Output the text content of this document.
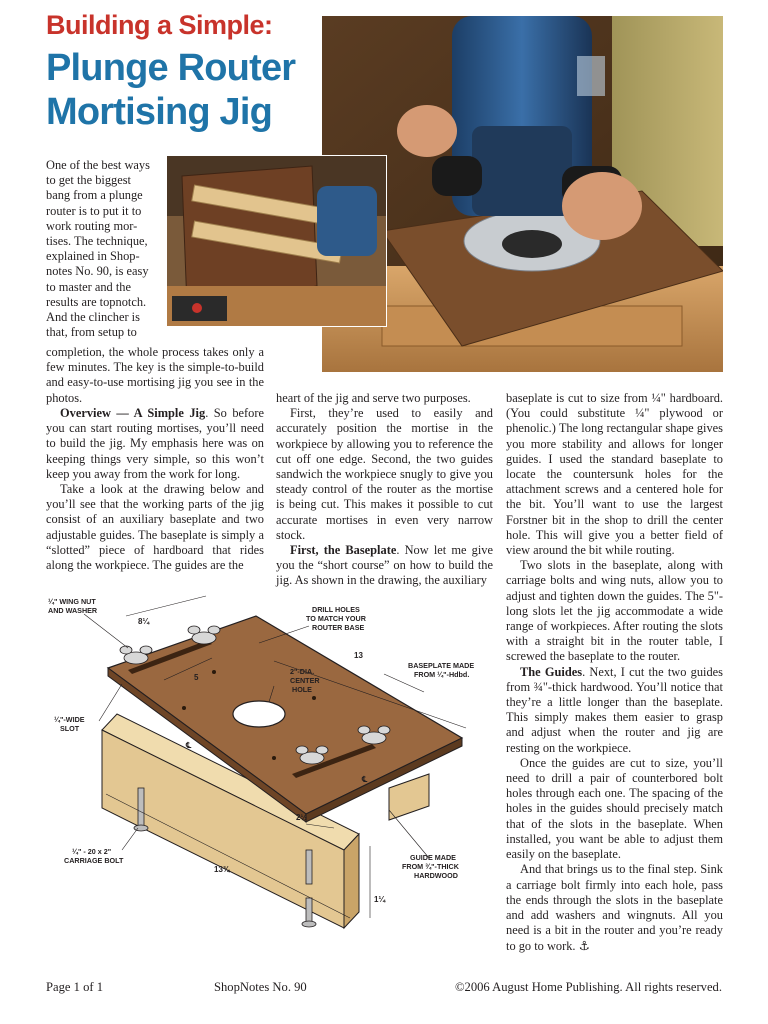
Building a Simple:
Plunge Router
Mortising Jig
One of the best ways
to get the biggest
bang from a plunge
router is to put it to
work routing mor-
tises. The technique,
explained in Shop-
notes No. 90, is easy
to master and the
results are topnotch.
And the clincher is
that, from setup to

completion, the whole process takes only a few minutes. The key is the simple-to-build and easy-to-use mortising jig you see in the photos.

Overview — A Simple Jig. So before you can start routing mortises, you’ll need to build the jig. My emphasis here was on keeping things very simple, so this won’t keep you away from the work for long.

Take a look at the drawing below and you’ll see that the working parts of the jig consist of an auxiliary baseplate and two adjustable guides. The baseplate is simply a “slotted” piece of hardboard that rides along the workpiece. The guides are the

heart of the jig and serve two purposes.

First, they’re used to easily and accurately position the mortise in the workpiece by allowing you to reference the cut off one edge. Second, the two guides sandwich the workpiece snugly to give you steady control of the router as the mortise is being cut. This makes it possible to cut accurate mortises in even very narrow stock.

First, the Baseplate. Now let me give you the “short course” on how to build the jig. As shown in the drawing, the auxiliary

baseplate is cut to size from ¼" hardboard. (You could substitute ¼" plywood or phenolic.) The long rectangular shape gives you more stability and allows for longer guides. I used the standard baseplate to locate the countersunk holes for the attachment screws and a centered hole for the bit. You’ll want to use the largest Forstner bit in the shop to drill the center hole. This will give you a better field of view around the bit while routing.

Two slots in the baseplate, along with carriage bolts and wing nuts, allow you to adjust and tighten down the guides. The 5"-long slots let the jig accommodate a wide range of workpieces. After routing the slots with a straight bit in the router table, I screwed the baseplate to the router.

The Guides. Next, I cut the two guides from ¾"-thick hardwood. You’ll notice that they’re a little longer than the baseplate. This simply makes them easier to grasp and adjust when the router and jig are resting on the workpiece.

Once the guides are cut to size, you’ll need to drill a pair of counterbored bolt holes through each one. The spacing of the holes in the guides should precisely match that of the slots in the baseplate. When installed, you want be able to adjust them easily on the baseplate.

And that brings us to the final step. Sink a carriage bolt firmly into each hole, pass the ends through the slots in the baseplate and add washers and wingnuts. All you need is a bit in the router and you’re ready to go to work. ⚓

¼" WING NUT
AND WASHER	DRILL HOLES
TO MATCH YOUR
ROUTER BASE
BASEPLATE MADE
FROM ¼"-Hdbd.
2"-DIA.
CENTER
HOLE
¼"-WIDE
SLOT
¼" - 20 x 2"
CARRIAGE BOLT	GUIDE MADE
FROM ¾"-THICK
HARDWOOD
8¼
13
5
2½
13¾
1¼
℄
℄
Page 1 of 1	ShopNotes No. 90	©2006 August Home Publishing. All rights reserved.
